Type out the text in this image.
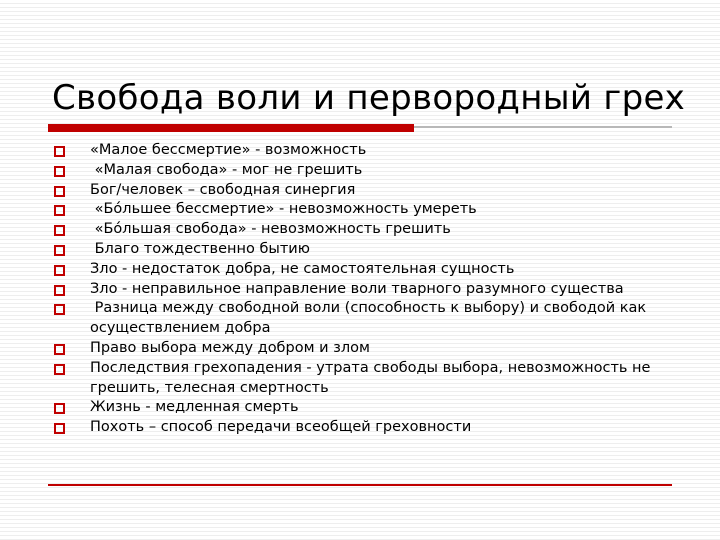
Свобода воли и первородный грех
«Малое бессмертие» - возможность
«Малая свобода» - мог не грешить
Бог/человек – свободная синергия
«Бóльшее бессмертие» - невозможность умереть
«Бóльшая свобода» - невозможность грешить
Благо тождественно бытию
Зло - недостаток добра, не самостоятельная сущность
Зло - неправильное направление воли тварного разумного существа
Разница между свободной воли (способность к выбору) и свободой как осуществлением добра
Право выбора между добром и злом
Последствия грехопадения - утрата свободы выбора, невозможность не грешить, телесная смертность
Жизнь - медленная смерть
Похоть – способ передачи всеобщей греховности
